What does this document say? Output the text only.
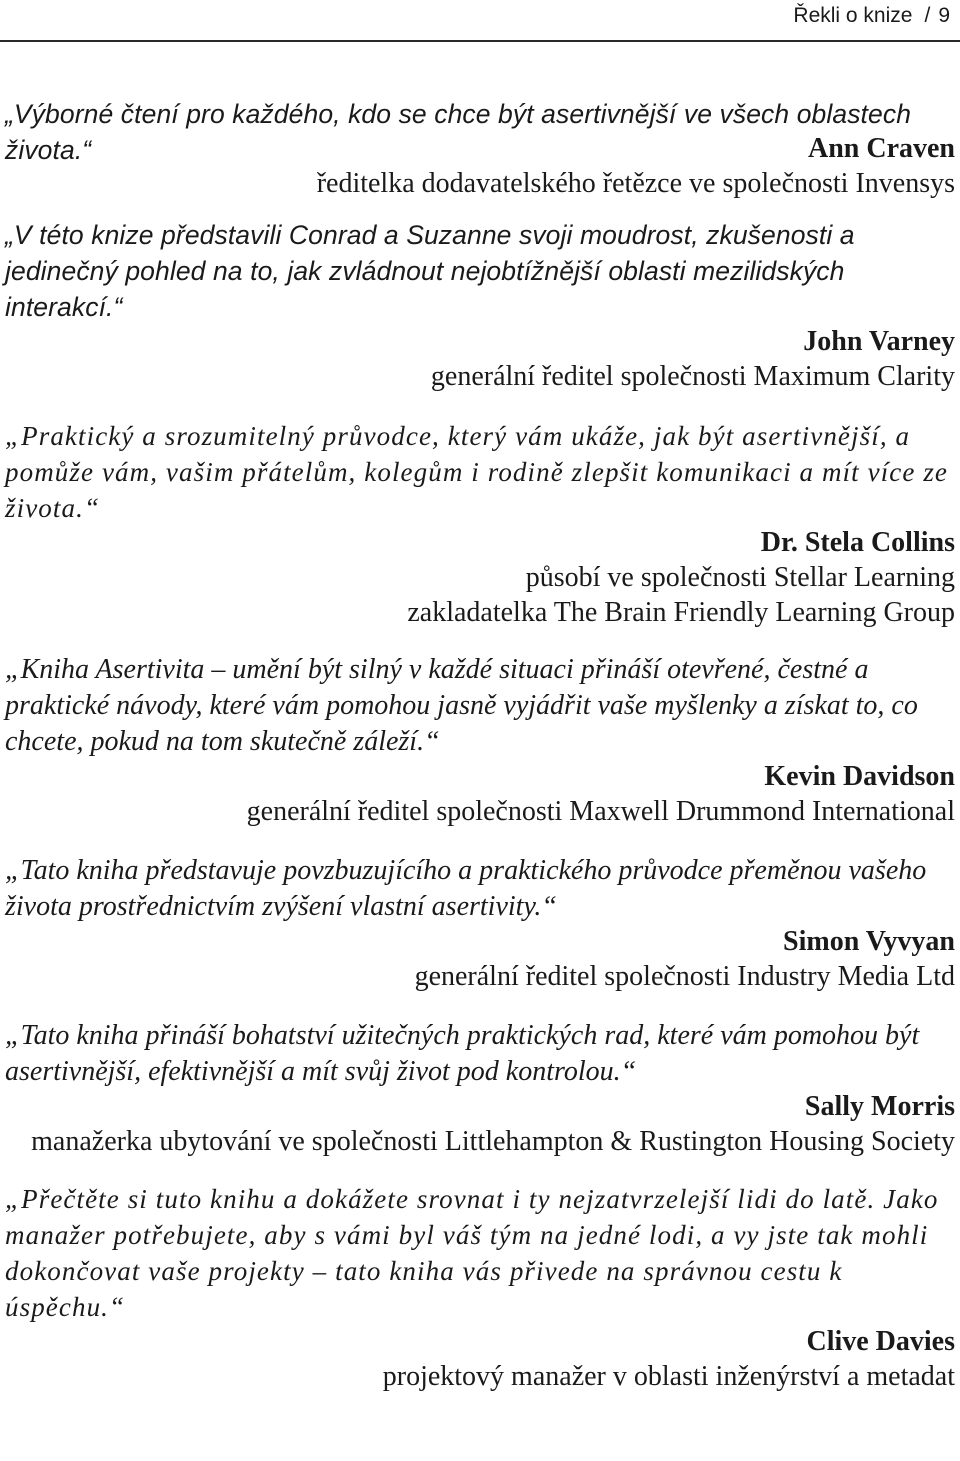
Řekli o knize / 9

„Výborné čtení pro každého, kdo se chce být asertivnější ve všech oblastech života.“	Ann Craven

ředitelka dodavatelského řetězce ve společnosti Invensys

„V této knize představili Conrad a Suzanne svoji moudrost, zkušenosti a jedinečný pohled na to, jak zvládnout nejobtížnější oblasti mezilidských interakcí.“

John Varney

generální ředitel společnosti Maximum Clarity

„Praktický a srozumitelný průvodce, který vám ukáže, jak být asertivnější, a pomůže vám, vašim přátelům, kolegům i rodině zlepšit komunikaci a mít více ze života.“

Dr. Stela Collins

působí ve společnosti Stellar Learning

zakladatelka The Brain Friendly Learning Group

„Kniha Asertivita – umění být silný v každé situaci přináší otevřené, čestné a praktické návody, které vám pomohou jasně vyjádřit vaše myšlenky a získat to, co chcete, pokud na tom skutečně záleží.“

Kevin Davidson

generální ředitel společnosti Maxwell Drummond International

„Tato kniha představuje povzbuzujícího a praktického průvodce přeměnou vašeho života prostřednictvím zvýšení vlastní asertivity.“

Simon Vyvyan

generální ředitel společnosti Industry Media Ltd

„Tato kniha přináší bohatství užitečných praktických rad, které vám pomohou být asertivnější, efektivnější a mít svůj život pod kontrolou.“

Sally Morris

manažerka ubytování ve společnosti Littlehampton & Rustington Housing Society

„Přečtěte si tuto knihu a dokážete srovnat i ty nejzatvrzelejší lidi do latě. Jako manažer potřebujete, aby s vámi byl váš tým na jedné lodi, a vy jste tak mohli dokončovat vaše projekty – tato kniha vás přivede na správnou cestu k úspěchu.“

Clive Davies

projektový manažer v oblasti inženýrství a metadat
